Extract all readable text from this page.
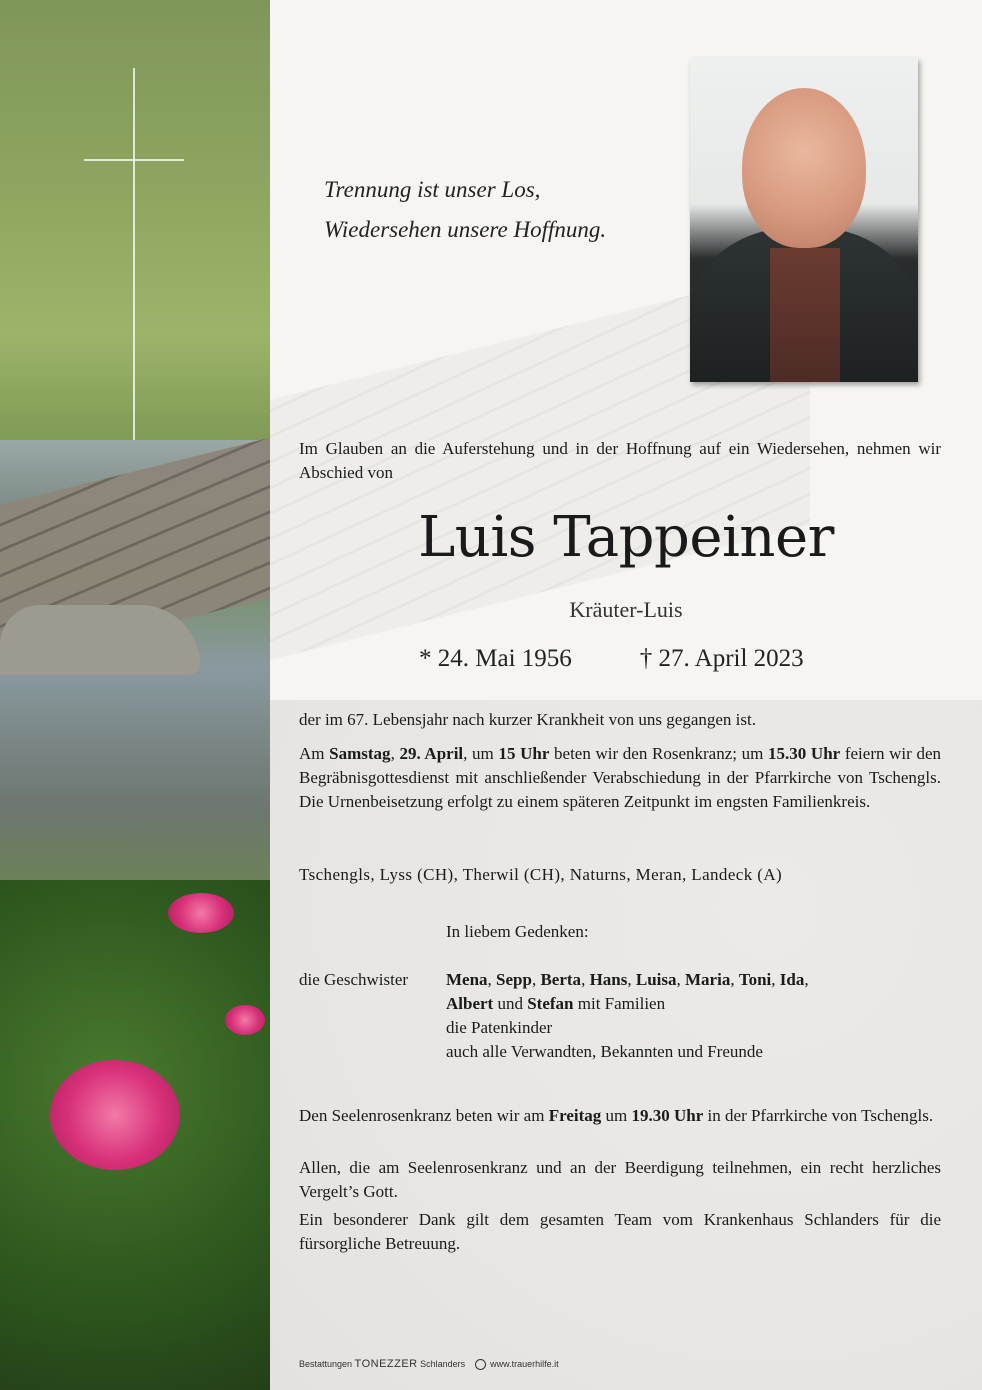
Trennung ist unser Los,
Wiedersehen unsere Hoffnung.
Im Glauben an die Auferstehung und in der Hoffnung auf ein Wiedersehen, nehmen wir Abschied von
Luis Tappeiner
Kräuter-Luis
* 24. Mai 1956	† 27. April 2023
der im 67. Lebensjahr nach kurzer Krankheit von uns gegangen ist.
Am Samstag, 29. April, um 15 Uhr beten wir den Rosenkranz; um 15.30 Uhr feiern wir den Begräbnisgottesdienst mit anschließender Verabschiedung in der Pfarrkirche von Tschengls. Die Urnenbeisetzung erfolgt zu einem späteren Zeitpunkt im engsten Familienkreis.
Tschengls, Lyss (CH), Therwil (CH), Naturns, Meran, Landeck (A)
In liebem Gedenken:
die Geschwister Mena, Sepp, Berta, Hans, Luisa, Maria, Toni, Ida,
Albert und Stefan mit Familien
die Patenkinder
auch alle Verwandten, Bekannten und Freunde
Den Seelenrosenkranz beten wir am Freitag um 19.30 Uhr in der Pfarrkirche von Tschengls.
Allen, die am Seelenrosenkranz und an der Beerdigung teilnehmen, ein recht herzliches Vergelt’s Gott.
Ein besonderer Dank gilt dem gesamten Team vom Krankenhaus Schlanders für die fürsorgliche Betreuung.
Bestattungen TONEZZER Schlanders	www.trauerhilfe.it
